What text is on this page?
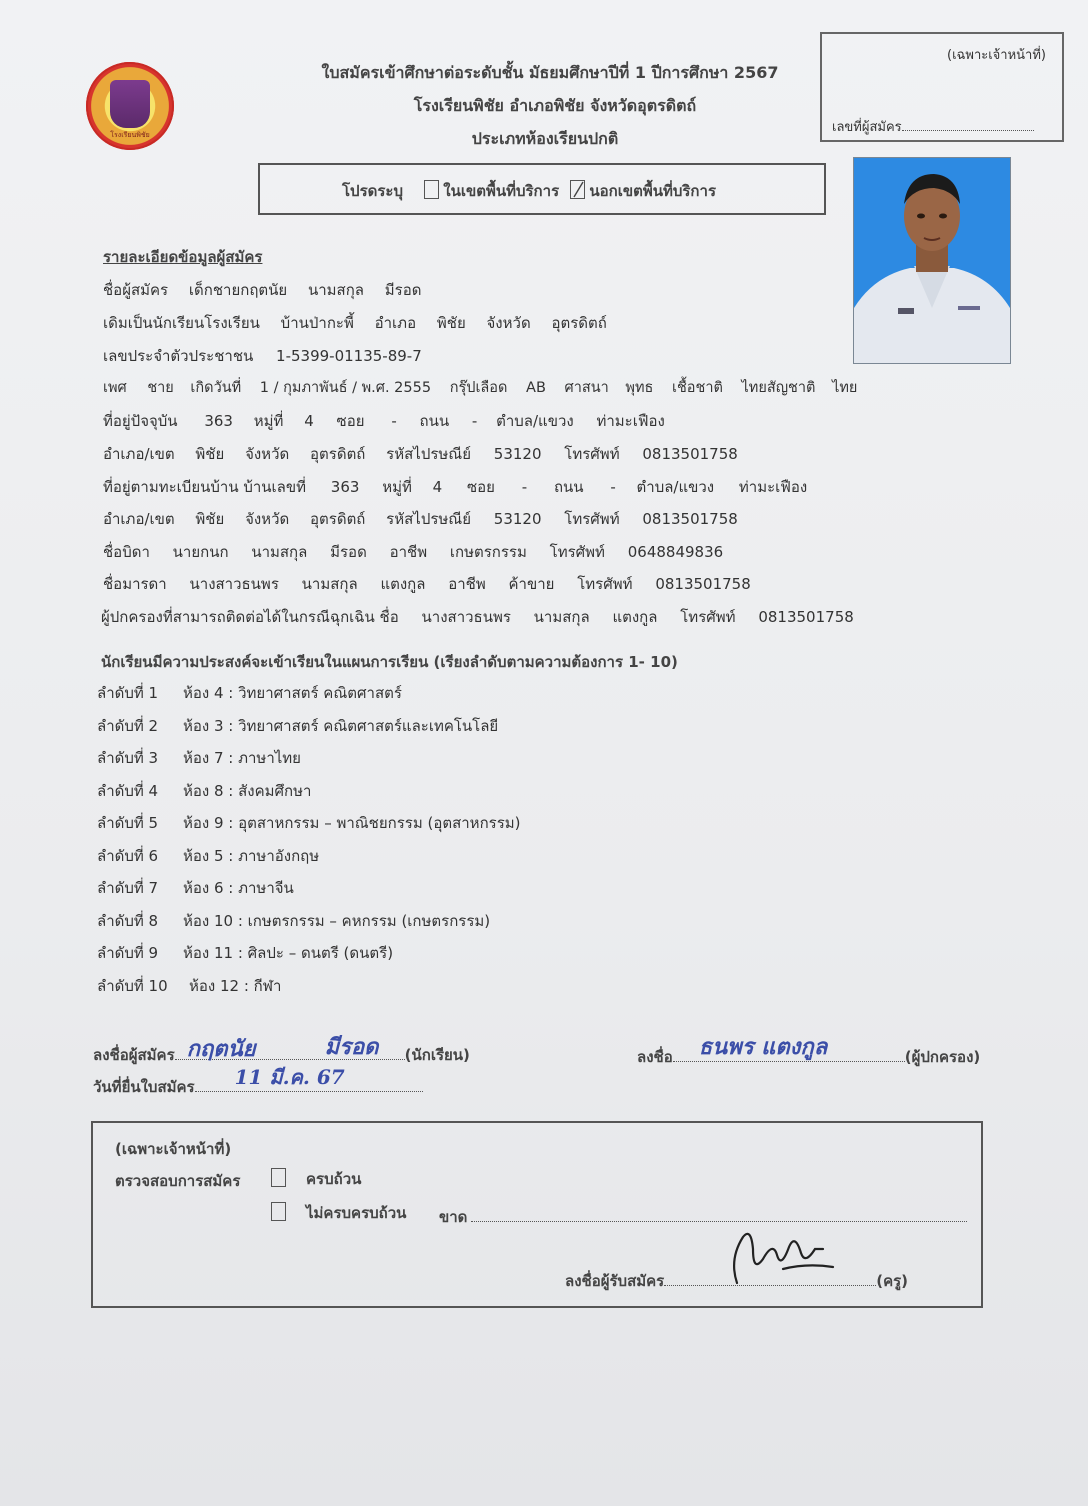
โรงเรียนพิชัย
ใบสมัครเข้าศึกษาต่อระดับชั้น มัธยมศึกษาปีที่ 1 ปีการศึกษา 2567
โรงเรียนพิชัย อำเภอพิชัย จังหวัดอุตรดิตถ์
ประเภทห้องเรียนปกติ
(เฉพาะเจ้าหน้าที่)
เลขที่ผู้สมัคร
โปรดระบุ	ในเขตพื้นที่บริการ นอกเขตพื้นที่บริการ
รายละเอียดข้อมูลผู้สมัคร
ชื่อผู้สมัคร เด็กชายกฤตนัย นามสกุล มีรอด
เดิมเป็นนักเรียนโรงเรียน บ้านป่ากะพี้ อำเภอ พิชัย จังหวัด อุตรดิตถ์
เลขประจำตัวประชาชน 1-5399-01135-89-7
เพศ ชาย เกิดวันที่ 1 / กุมภาพันธ์ / พ.ศ. 2555 กรุ๊ปเลือด AB ศาสนา พุทธ เชื้อชาติ ไทยสัญชาติ ไทย
ที่อยู่ปัจจุบัน 363 หมู่ที่ 4 ซอย - ถนน - ตำบล/แขวง ท่ามะเฟือง
อำเภอ/เขต พิชัย จังหวัด อุตรดิตถ์ รหัสไปรษณีย์ 53120 โทรศัพท์ 0813501758
ที่อยู่ตามทะเบียนบ้าน บ้านเลขที่ 363 หมู่ที่ 4 ซอย - ถนน - ตำบล/แขวง ท่ามะเฟือง
อำเภอ/เขต พิชัย จังหวัด อุตรดิตถ์ รหัสไปรษณีย์ 53120 โทรศัพท์ 0813501758
ชื่อบิดา นายกนก นามสกุล มีรอด อาชีพ เกษตรกรรม โทรศัพท์ 0648849836
ชื่อมารดา นางสาวธนพร นามสกุล แตงกูล อาชีพ ค้าขาย โทรศัพท์ 0813501758
ผู้ปกครองที่สามารถติดต่อได้ในกรณีฉุกเฉิน ชื่อ นางสาวธนพร นามสกุล แตงกูล โทรศัพท์ 0813501758
นักเรียนมีความประสงค์จะเข้าเรียนในแผนการเรียน (เรียงลำดับตามความต้องการ 1- 10)
ลำดับที่ 1 ห้อง 4 : วิทยาศาสตร์ คณิตศาสตร์
ลำดับที่ 2 ห้อง 3 : วิทยาศาสตร์ คณิตศาสตร์และเทคโนโลยี
ลำดับที่ 3 ห้อง 7 : ภาษาไทย
ลำดับที่ 4 ห้อง 8 : สังคมศึกษา
ลำดับที่ 5 ห้อง 9 : อุตสาหกรรม – พาณิชยกรรม (อุตสาหกรรม)
ลำดับที่ 6 ห้อง 5 : ภาษาอังกฤษ
ลำดับที่ 7 ห้อง 6 : ภาษาจีน
ลำดับที่ 8 ห้อง 10 : เกษตรกรรม – คหกรรม (เกษตรกรรม)
ลำดับที่ 9 ห้อง 11 : ศิลปะ – ดนตรี (ดนตรี)
ลำดับที่ 10 ห้อง 12 : กีฬา
ลงชื่อผู้สมัคร กฤตนัย	มีรอด (นักเรียน)
วันที่ยื่นใบสมัคร 11 มี.ค. 67
ลงชื่อ ธนพร แตงกูล	(ผู้ปกครอง)
(เฉพาะเจ้าหน้าที่)
ตรวจสอบการสมัคร	ครบถ้วน
ไม่ครบครบถ้วน ขาด
ลงชื่อผู้รับสมัคร	(ครู)
